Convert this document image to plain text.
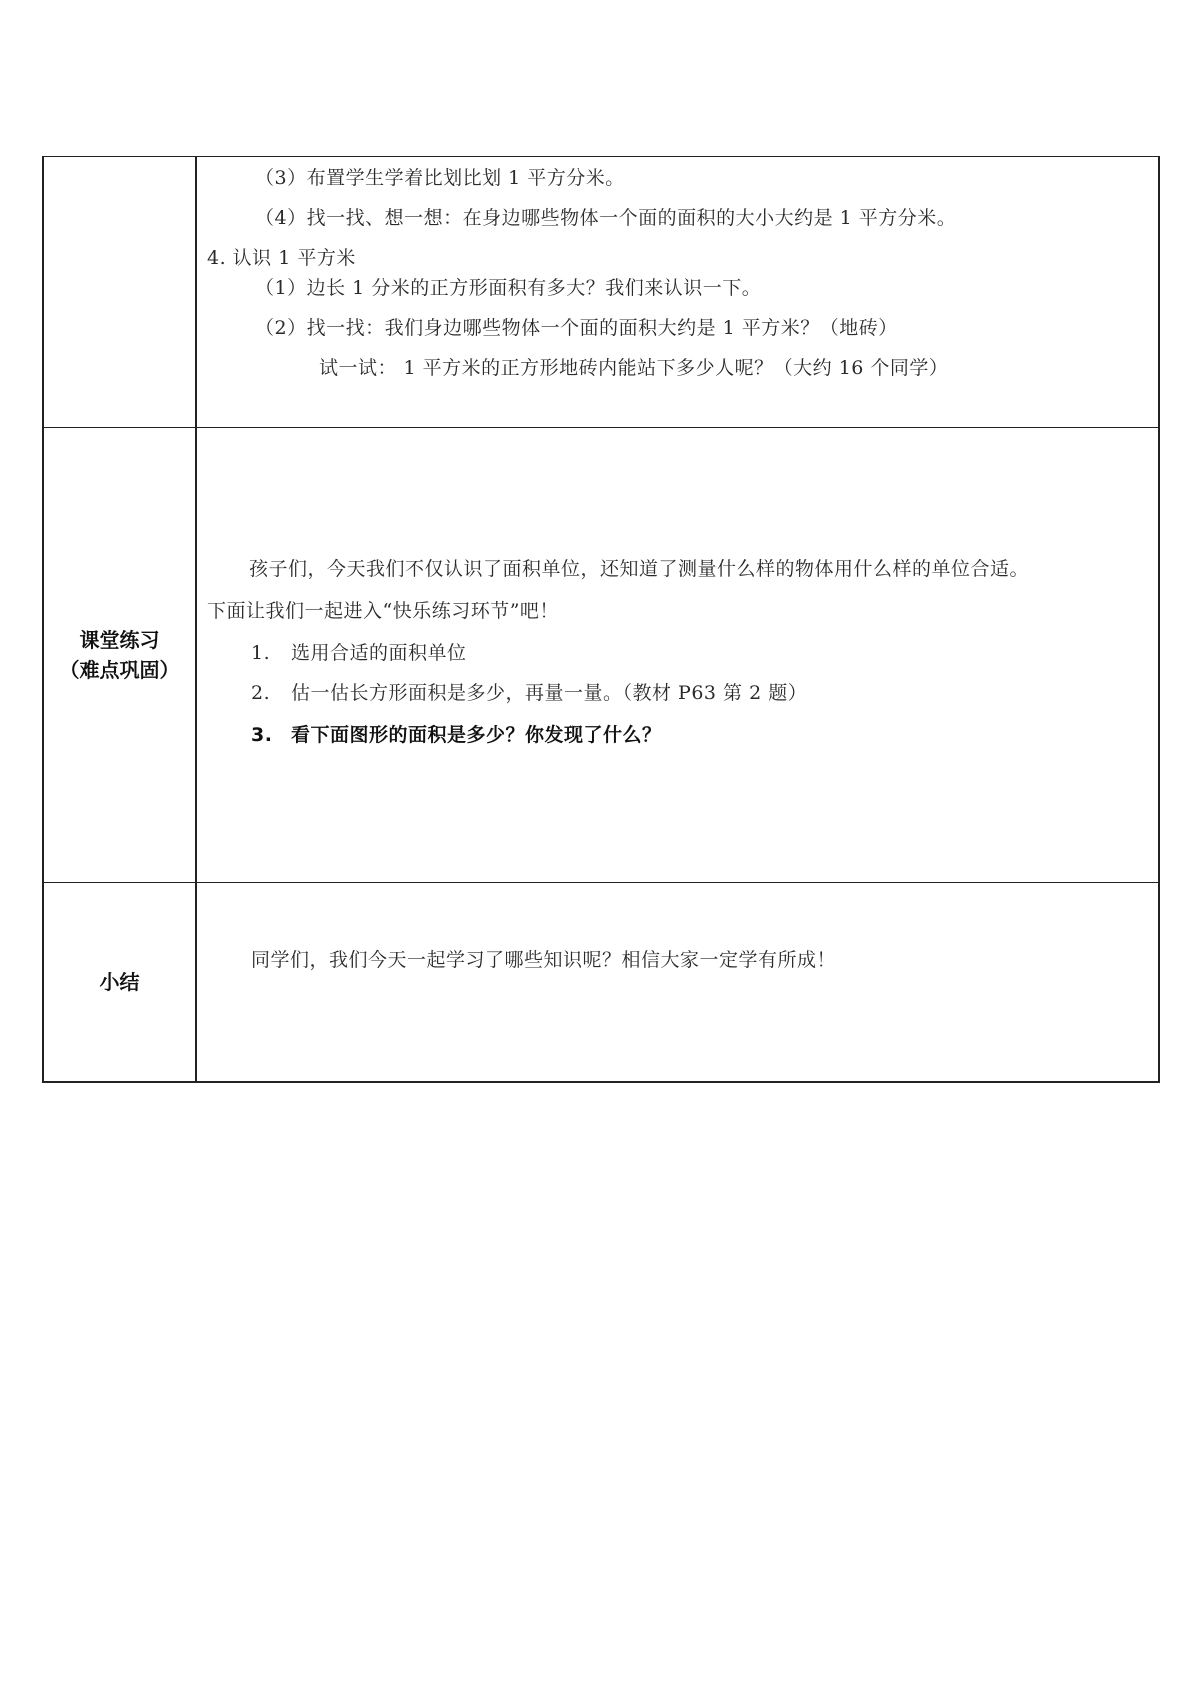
（3）布置学生学着比划比划 1 平方分米。
（4）找一找、想一想：在身边哪些物体一个面的面积的大小大约是 1 平方分米。
4. 认识 1 平方米
（1）边长 1 分米的正方形面积有多大？我们来认识一下。
（2）找一找：我们身边哪些物体一个面的面积大约是 1 平方米？（地砖）
试一试： 1 平方米的正方形地砖内能站下多少人呢？（大约 16 个同学）
课堂练习
（难点巩固）
孩子们，今天我们不仅认识了面积单位，还知道了测量什么样的物体用什么样的单位合适。
下面让我们一起进入“快乐练习环节”吧！
1. 选用合适的面积单位
2. 估一估长方形面积是多少，再量一量。（教材 P63 第 2 题）
3. 看下面图形的面积是多少？你发现了什么？
小结
同学们，我们今天一起学习了哪些知识呢？相信大家一定学有所成！
